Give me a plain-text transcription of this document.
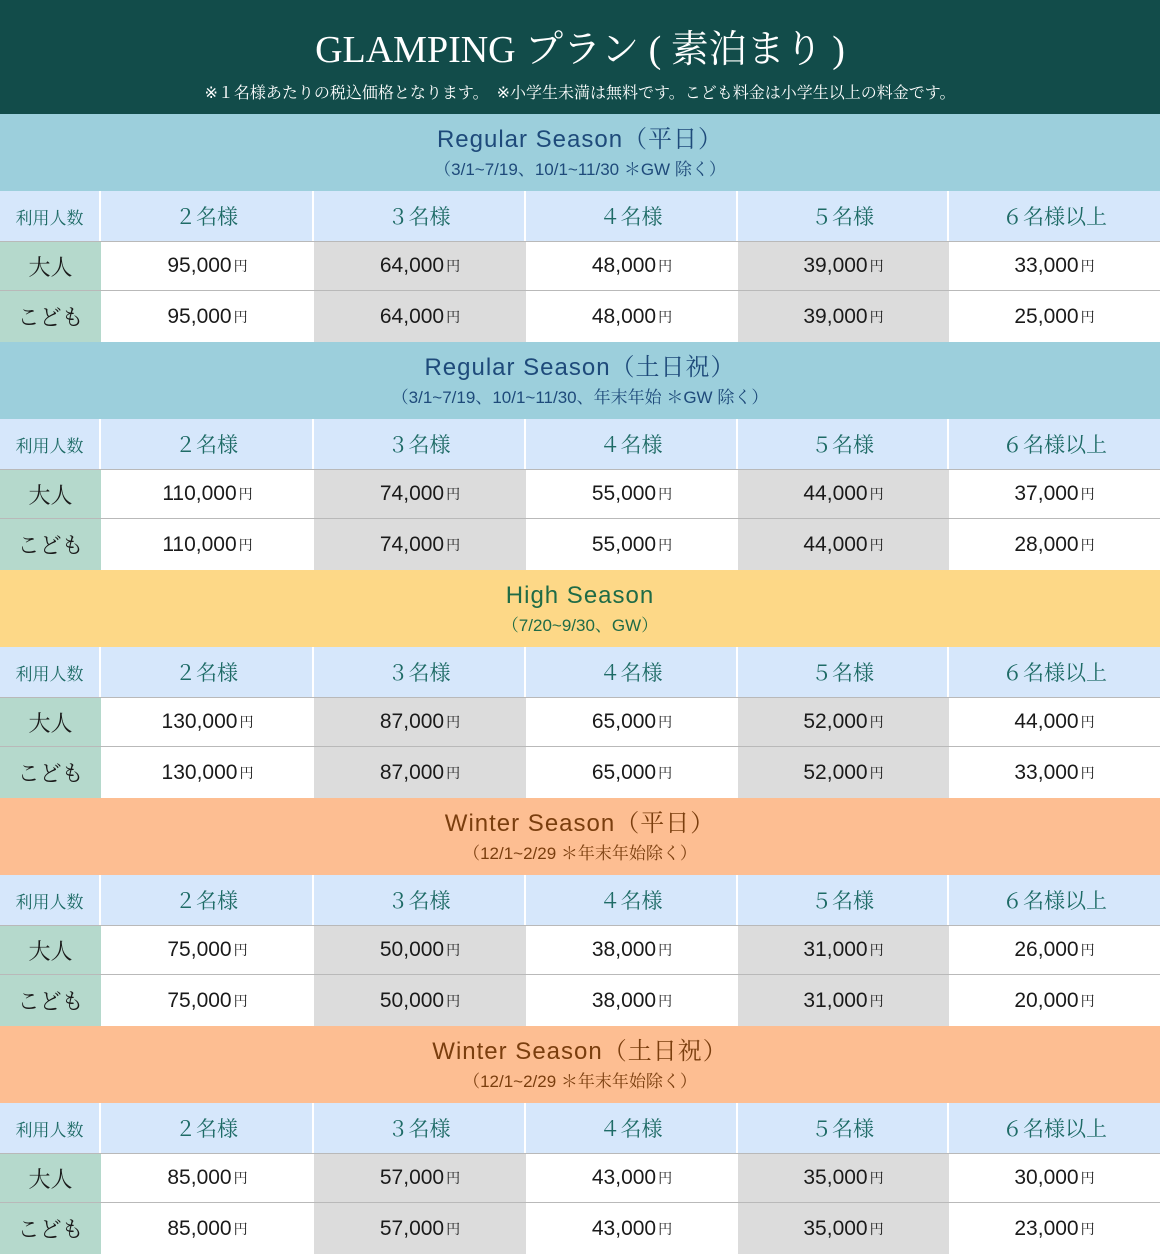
GLAMPING プラン ( 素泊まり )
※１名様あたりの税込価格となります。　※小学生未満は無料です。こども料金は小学生以上の料金です。
Regular Season（平日）
（3/1~7/19、10/1~11/30 ＊GW 除く）
利用人数	２名様	３名様	４名様	５名様	６名様以上
大人	95,000 円	64,000 円	48,000 円	39,000 円	33,000 円
こども	95,000 円	64,000 円	48,000 円	39,000 円	25,000 円
Regular Season（土日祝）
（3/1~7/19、10/1~11/30、年末年始 ＊GW 除く）
利用人数	２名様	３名様	４名様	５名様	６名様以上
大人	110,000 円	74,000 円	55,000 円	44,000 円	37,000 円
こども	110,000 円	74,000 円	55,000 円	44,000 円	28,000 円
High Season
（7/20~9/30、GW）
利用人数	２名様	３名様	４名様	５名様	６名様以上
大人	130,000 円	87,000 円	65,000 円	52,000 円	44,000 円
こども	130,000 円	87,000 円	65,000 円	52,000 円	33,000 円
Winter Season（平日）
（12/1~2/29 ＊年末年始除く）
利用人数	２名様	３名様	４名様	５名様	６名様以上
大人	75,000 円	50,000 円	38,000 円	31,000 円	26,000 円
こども	75,000 円	50,000 円	38,000 円	31,000 円	20,000 円
Winter Season（土日祝）
（12/1~2/29 ＊年末年始除く）
利用人数	２名様	３名様	４名様	５名様	６名様以上
大人	85,000 円	57,000 円	43,000 円	35,000 円	30,000 円
こども	85,000 円	57,000 円	43,000 円	35,000 円	23,000 円
